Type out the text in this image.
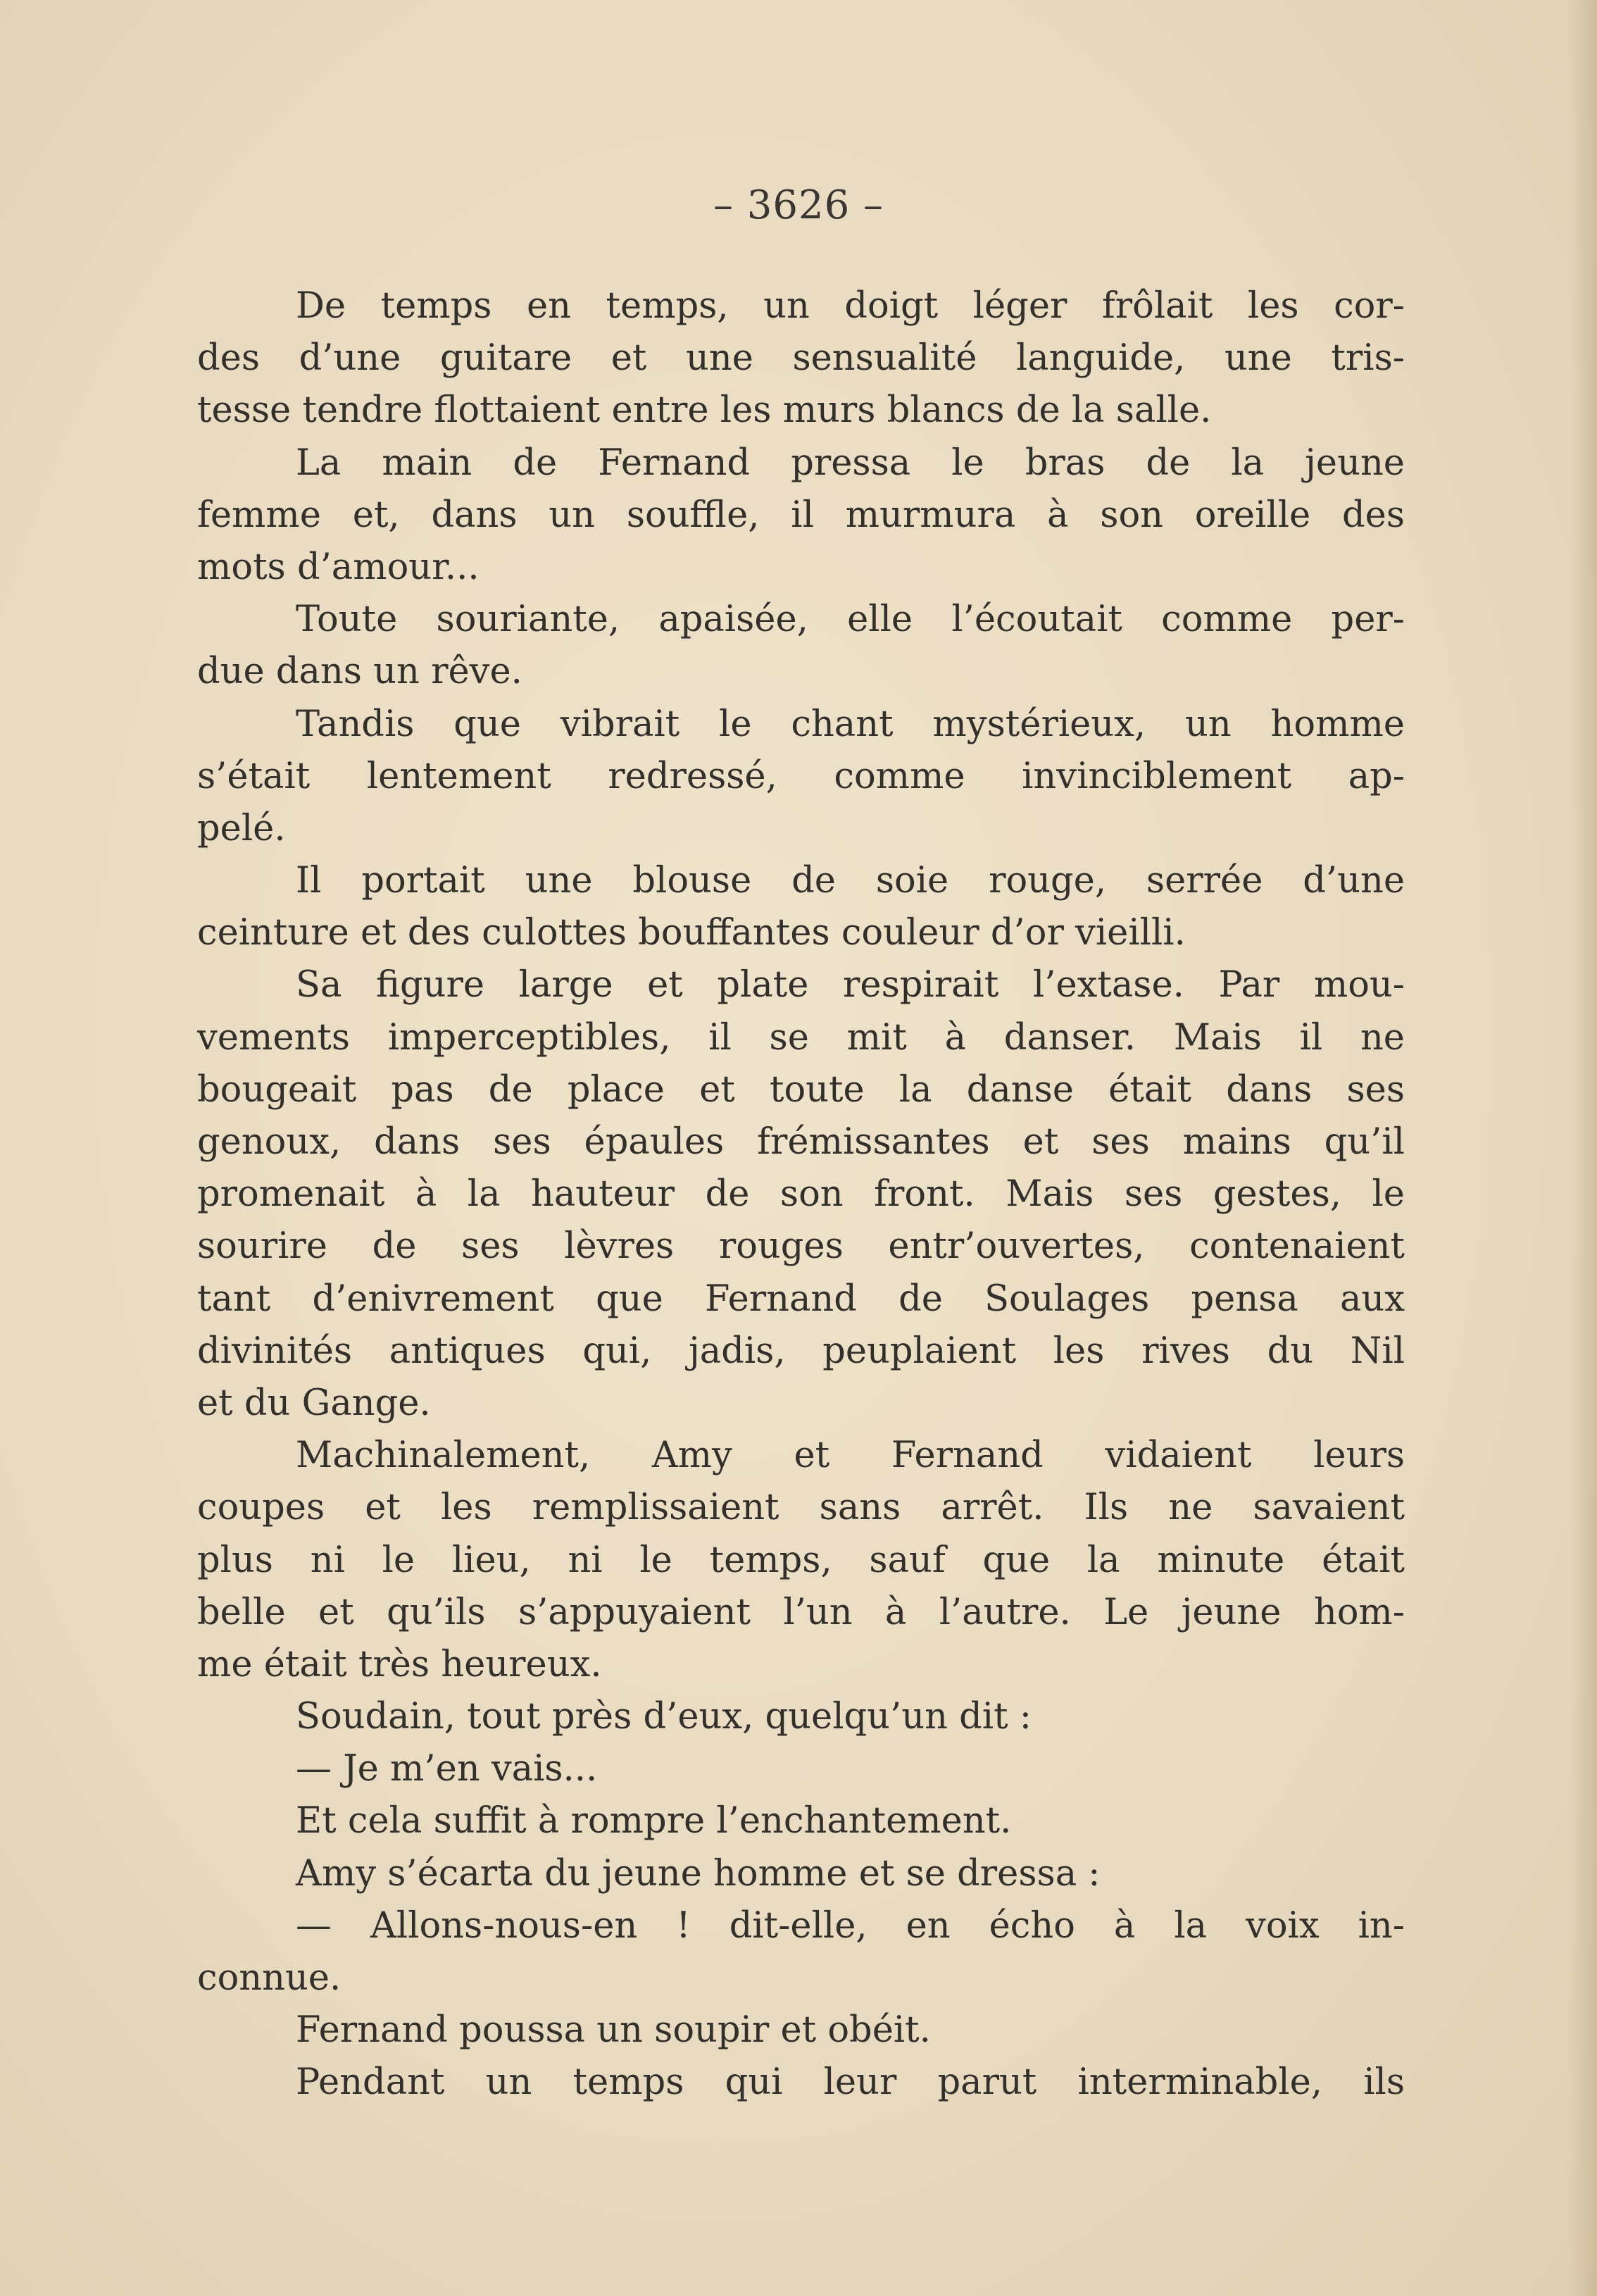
– 3626 –

De temps en temps, un doigt léger frôlait les cor-
des d’une guitare et une sensualité languide, une tris-
tesse tendre flottaient entre les murs blancs de la salle.
La main de Fernand pressa le bras de la jeune
femme et, dans un souffle, il murmura à son oreille des
mots d’amour...
Toute souriante, apaisée, elle l’écoutait comme per-
due dans un rêve.
Tandis que vibrait le chant mystérieux, un homme
s’était lentement redressé, comme invinciblement ap-
pelé.
Il portait une blouse de soie rouge, serrée d’une
ceinture et des culottes bouffantes couleur d’or vieilli.
Sa figure large et plate respirait l’extase. Par mou-
vements imperceptibles, il se mit à danser. Mais il ne
bougeait pas de place et toute la danse était dans ses
genoux, dans ses épaules frémissantes et ses mains qu’il
promenait à la hauteur de son front. Mais ses gestes, le
sourire de ses lèvres rouges entr’ouvertes, contenaient
tant d’enivrement que Fernand de Soulages pensa aux
divinités antiques qui, jadis, peuplaient les rives du Nil
et du Gange.
Machinalement, Amy et Fernand vidaient leurs
coupes et les remplissaient sans arrêt. Ils ne savaient
plus ni le lieu, ni le temps, sauf que la minute était
belle et qu’ils s’appuyaient l’un à l’autre. Le jeune hom-
me était très heureux.
Soudain, tout près d’eux, quelqu’un dit :
— Je m’en vais...
Et cela suffit à rompre l’enchantement.
Amy s’écarta du jeune homme et se dressa :
— Allons-nous-en ! dit-elle, en écho à la voix in-
connue.
Fernand poussa un soupir et obéit.
Pendant un temps qui leur parut interminable, ils
